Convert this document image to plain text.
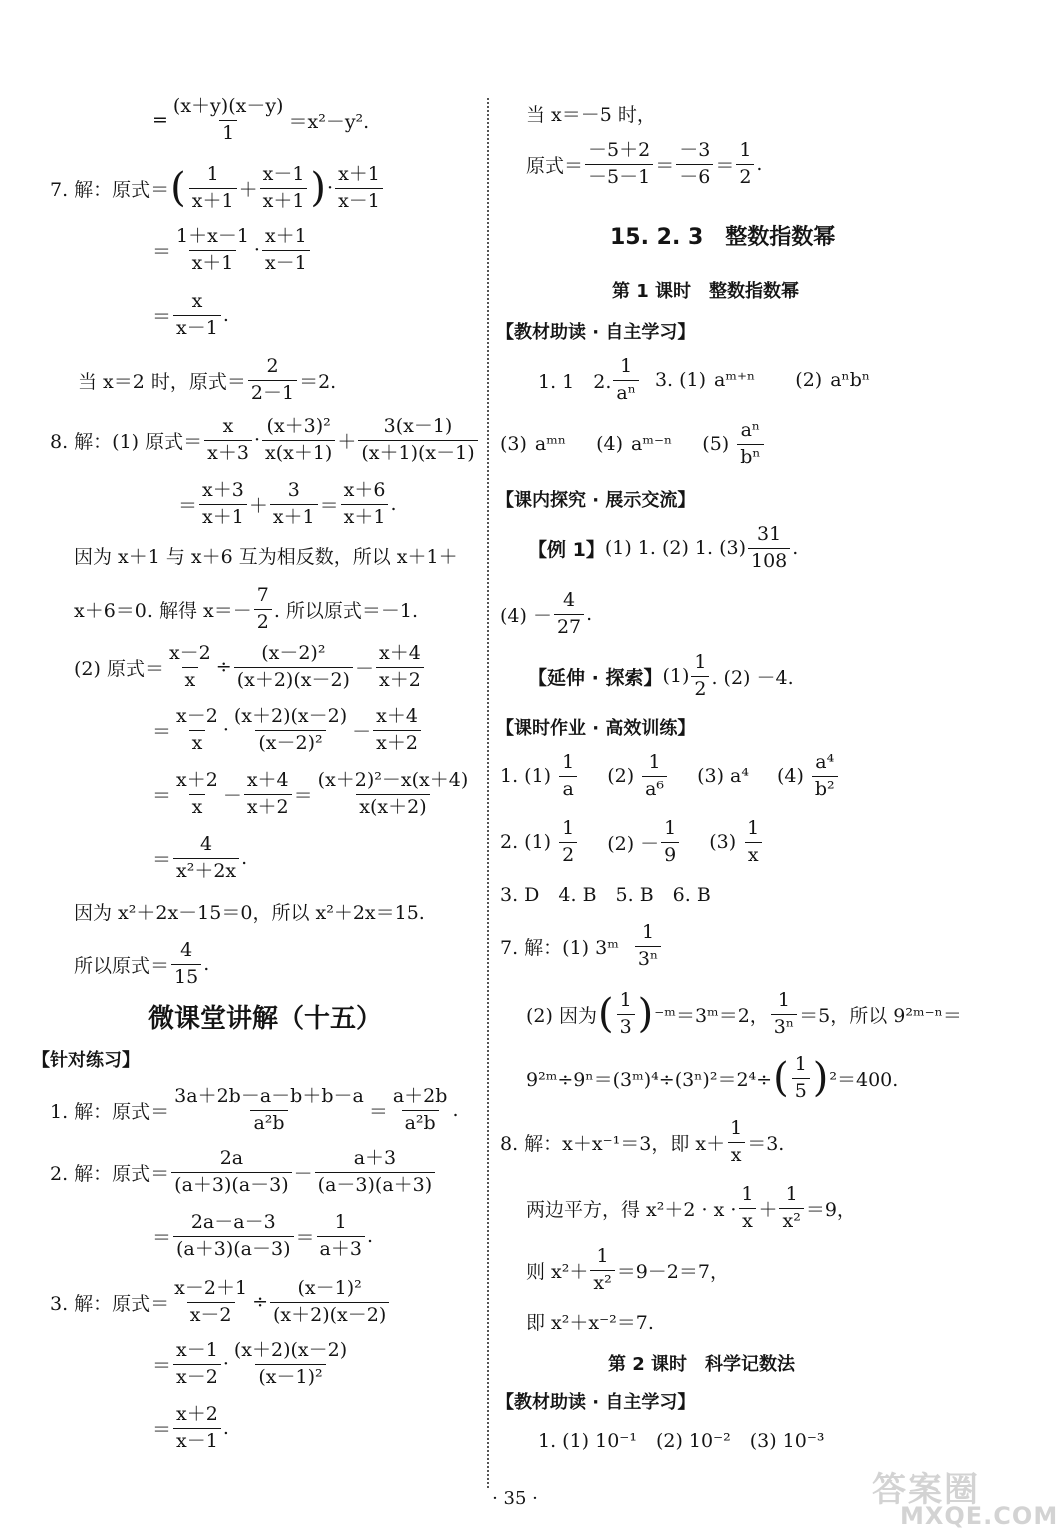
= $\frac{(x+y)(x-y)}{1} =x^2-y^2$.
7. 解：原式＝ ( $\frac{1}{x+1} + \frac{x-1}{x+1}$ ) · $\frac{x+1}{x-1}$
＝ $\frac{1+x-1}{x+1} \cdot \frac{x+1}{x-1}$
＝ $\frac{x}{x-1}$ .
当 x＝2 时，原式＝ $\frac{2}{2-1} =2$.
8. 解：(1) 原式＝ $\frac{x}{x+3} \cdot \frac{\text{(x＋3)²}}{x(x+1)} + \frac{3(x-1)}{(x+1)(x-1)}$
＝ $\frac{x+3}{x+1} + \frac{3}{x+1} = \frac{x+6}{x+1}$ .
因为 x＋1 与 x＋6 互为相反数，所以 x＋1＋
x＋6＝0. 解得 $x=- \frac{7}{2}$ . 所以原式＝－1.
(2) 原式＝ $\frac{x-2}{x} \div \frac{\text{(x－2)²}}{(x+2)(x-2)} - \frac{x+4}{x+2}$
＝ $\frac{x-2}{x} \cdot \frac{(x+2)(x-2)}{\text{(x－2)²}} - \frac{x+4}{x+2}$
＝ $\frac{x+2}{x} - \frac{x+4}{x+2} = \frac{\text{(x＋2)²－x(x＋4)}}{x(x+2)}$
＝ $\frac{4}{\text{x²＋2x}}$ .
因为 x²＋2x－15＝0，所以 x²＋2x＝15.
所以原式＝ $\frac{4}{15}$ .
微课堂讲解（十五）
【针对练习】
1. 解：原式＝ $\frac{3a+2b-a-b+b-a}{\text{a²b}} = \frac{a+2b}{\text{a²b}}$ .
2. 解：原式＝ $\frac{2a}{(a+3)(a-3)} - \frac{a+3}{(a-3)(a+3)}$
＝ $\frac{2a-a-3}{(a+3)(a-3)} = \frac{1}{a+3}$ .
3. 解：原式＝ $\frac{x-2+1}{x-2} \div \frac{\text{(x－1)²}}{(x+2)(x-2)}$
＝ $\frac{x-1}{x-2} \cdot \frac{(x+2)(x-2)}{\text{(x－1)²}}$
＝ $\frac{x+2}{x-1}$ .
当 x＝－5 时，
原式＝ $\frac{-5+2}{-5-1} = \frac{-3}{-6} = \frac{1}{2}$ .
15. 2. 3　整数指数幂
第 1 课时　整数指数幂
【教材助读 · 自主学习】
1. 1　2. $\frac{1}{\text{aⁿ}} 3$. (1) aᵐ⁺ⁿ (2) aⁿbⁿ
(3) aᵐⁿ (4) aᵐ⁻ⁿ $(5) \frac{\text{aⁿ}}{\text{bⁿ}}$
【课内探究 · 展示交流】
【例 1】 (1) 1. (2) 1. $(3) \frac{31}{108}$ .
$(4) - \frac{4}{27}$ .
【延伸 · 探索】 $(1) \frac{1}{2}$ . (2) －4.
【课时作业 · 高效训练】
1. $(1) \frac{1}{a} (2) \frac{1}{\text{a⁶}} (3)$ a⁴ $(4) \frac{\text{a⁴}}{\text{b²}}$
2. $(1) \frac{1}{2} (2) - \frac{1}{9} (3) \frac{1}{x}$
3. D　4. B　5. B　6. B
7. 解：(1) 3ᵐ $\frac{1}{\text{3ⁿ}}$
(2) 因为 ( $\frac{1}{3}$ ) ⁻ᵐ＝3ᵐ＝2， $\frac{1}{\text{3ⁿ}} =5$，所以 9²ᵐ⁻ⁿ＝
9²ᵐ÷9ⁿ＝(3ᵐ)⁴÷(3ⁿ)²＝2⁴÷ ( $\frac{1}{5}$ ) ²＝400.
8. 解：x＋x⁻¹＝3，即 $x+ \frac{1}{x} =3$.
两边平方，得 $x^2+2 \cdot x \cdot \frac{1}{x} + \frac{1}{\text{x²}} =9$，
则 $x^2+ \frac{1}{\text{x²}} =9-2=7$，
即 x²＋x⁻²＝7.
第 2 课时　科学记数法
【教材助读 · 自主学习】
1. (1) 10⁻¹　(2) 10⁻²　(3) 10⁻³
· 35 ·	答案圈
MXQE.COM
